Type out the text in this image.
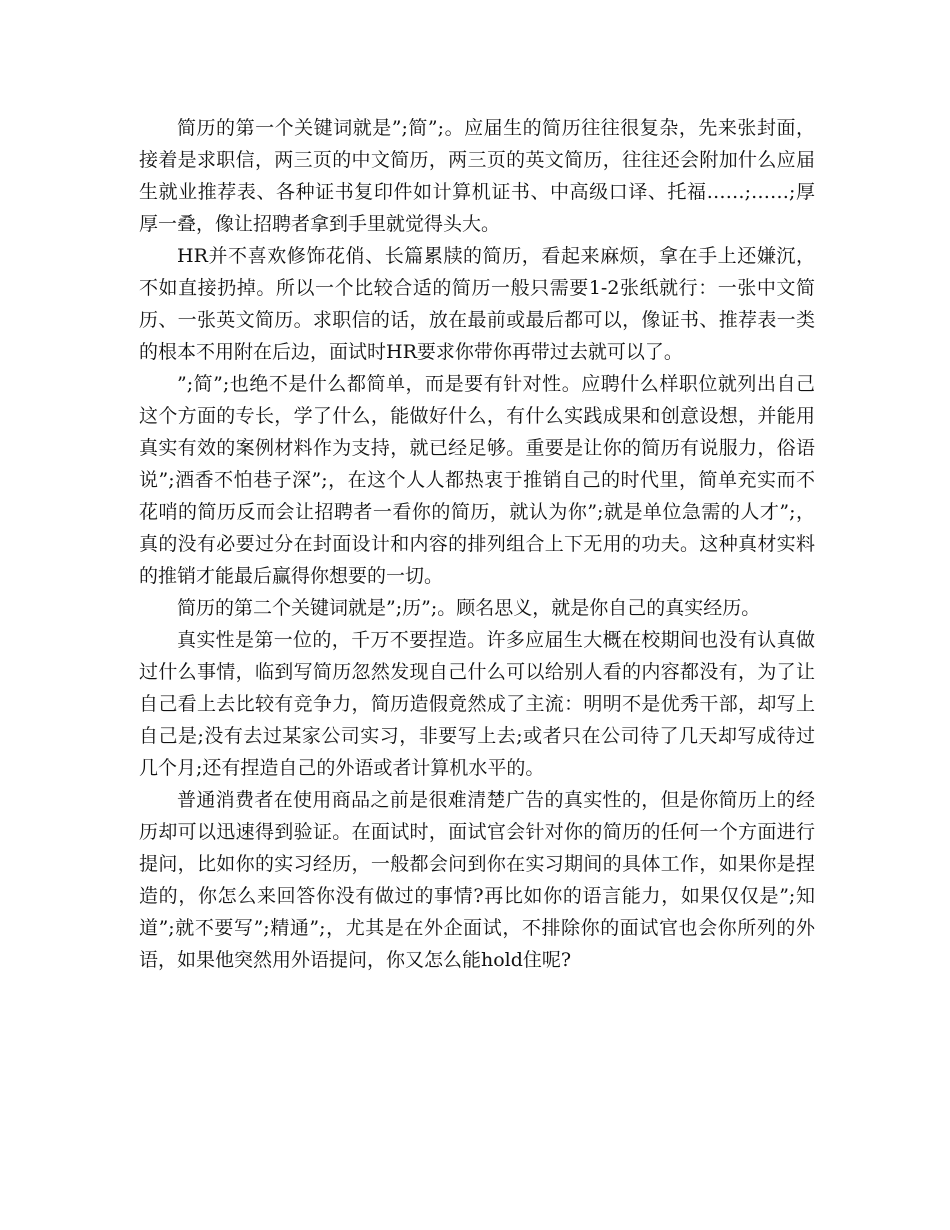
简历的第一个关键词就是”;简”;。应届生的简历往往很复杂，先来张封面，接着是求职信，两三页的中文简历，两三页的英文简历，往往还会附加什么应届生就业推荐表、各种证书复印件如计算机证书、中高级口译、托福……;……;厚厚一叠，像让招聘者拿到手里就觉得头大。

HR并不喜欢修饰花俏、长篇累牍的简历，看起来麻烦，拿在手上还嫌沉，不如直接扔掉。所以一个比较合适的简历一般只需要1-2张纸就行：一张中文简历、一张英文简历。求职信的话，放在最前或最后都可以，像证书、推荐表一类的根本不用附在后边，面试时HR要求你带你再带过去就可以了。

”;简”;也绝不是什么都简单，而是要有针对性。应聘什么样职位就列出自己这个方面的专长，学了什么，能做好什么，有什么实践成果和创意设想，并能用真实有效的案例材料作为支持，就已经足够。重要是让你的简历有说服力，俗语说”;酒香不怕巷子深”;，在这个人人都热衷于推销自己的时代里，简单充实而不花哨的简历反而会让招聘者一看你的简历，就认为你”;就是单位急需的人才”;，真的没有必要过分在封面设计和内容的排列组合上下无用的功夫。这种真材实料的推销才能最后赢得你想要的一切。

简历的第二个关键词就是”;历”;。顾名思义，就是你自己的真实经历。

真实性是第一位的，千万不要捏造。许多应届生大概在校期间也没有认真做过什么事情，临到写简历忽然发现自己什么可以给别人看的内容都没有，为了让自己看上去比较有竞争力，简历造假竟然成了主流：明明不是优秀干部，却写上自己是;没有去过某家公司实习，非要写上去;或者只在公司待了几天却写成待过几个月;还有捏造自己的外语或者计算机水平的。

普通消费者在使用商品之前是很难清楚广告的真实性的，但是你简历上的经历却可以迅速得到验证。在面试时，面试官会针对你的简历的任何一个方面进行提问，比如你的实习经历，一般都会问到你在实习期间的具体工作，如果你是捏造的，你怎么来回答你没有做过的事情?再比如你的语言能力，如果仅仅是”;知道”;就不要写”;精通”;，尤其是在外企面试，不排除你的面试官也会你所列的外语，如果他突然用外语提问，你又怎么能hold住呢?
